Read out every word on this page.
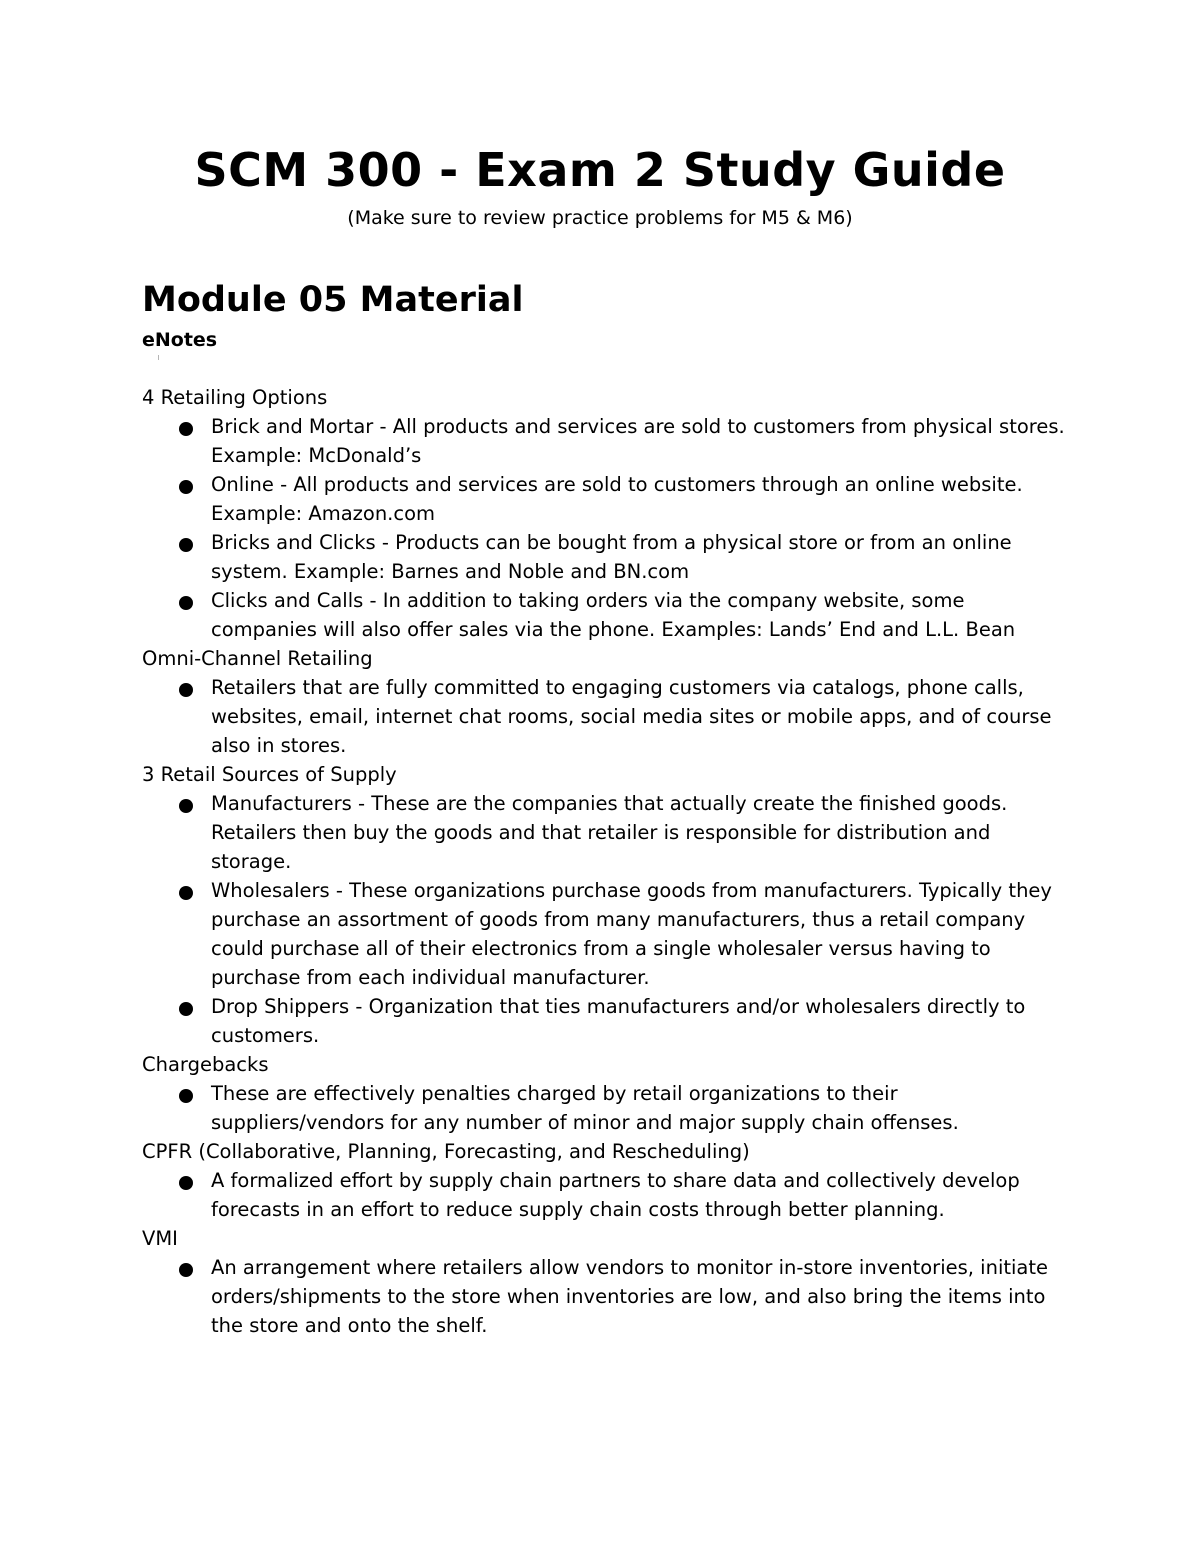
SCM 300 - Exam 2 Study Guide
(Make sure to review practice problems for M5 & M6)
Module 05 Material
eNotes
4 Retailing Options
Brick and Mortar - All products and services are sold to customers from physical stores. Example: McDonald’s
Online - All products and services are sold to customers through an online website. Example: Amazon.com
Bricks and Clicks - Products can be bought from a physical store or from an online system. Example: Barnes and Noble and BN.com
Clicks and Calls - In addition to taking orders via the company website, some companies will also offer sales via the phone. Examples: Lands’ End and L.L. Bean
Omni-Channel Retailing
Retailers that are fully committed to engaging customers via catalogs, phone calls, websites, email, internet chat rooms, social media sites or mobile apps, and of course also in stores.
3 Retail Sources of Supply
Manufacturers - These are the companies that actually create the finished goods. Retailers then buy the goods and that retailer is responsible for distribution and storage.
Wholesalers - These organizations purchase goods from manufacturers. Typically they purchase an assortment of goods from many manufacturers, thus a retail company could purchase all of their electronics from a single wholesaler versus having to purchase from each individual manufacturer.
Drop Shippers - Organization that ties manufacturers and/or wholesalers directly to customers.
Chargebacks
These are effectively penalties charged by retail organizations to their suppliers/vendors for any number of minor and major supply chain offenses.
CPFR (Collaborative, Planning, Forecasting, and Rescheduling)
A formalized effort by supply chain partners to share data and collectively develop forecasts in an effort to reduce supply chain costs through better planning.
VMI
An arrangement where retailers allow vendors to monitor in-store inventories, initiate orders/shipments to the store when inventories are low, and also bring the items into the store and onto the shelf.
